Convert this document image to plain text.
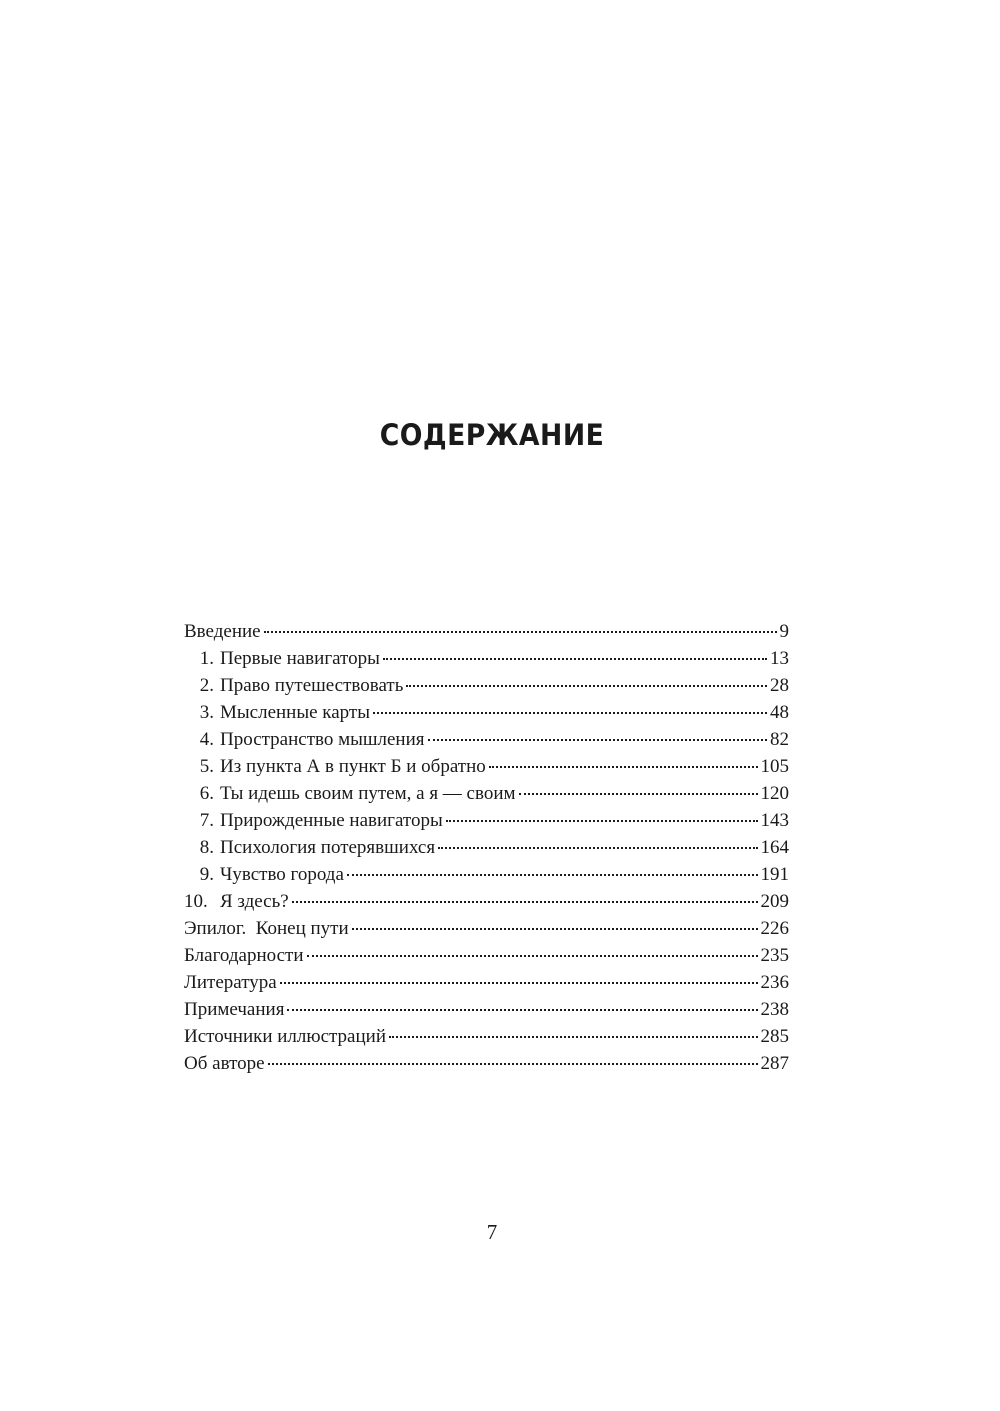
СОДЕРЖАНИЕ
Введение	9
1. Первые навигаторы	13
2. Право путешествовать	28
3. Мысленные карты	48
4. Пространство мышления	82
5. Из пункта А в пункт Б и обратно	105
6. Ты идешь своим путем, а я — своим	120
7. Прирожденные навигаторы	143
8. Психология потерявшихся	164
9. Чувство города	191
10. Я здесь?	209
Эпилог.  Конец пути	226
Благодарности	235
Литература	236
Примечания	238
Источники иллюстраций	285
Об авторе	287
7
